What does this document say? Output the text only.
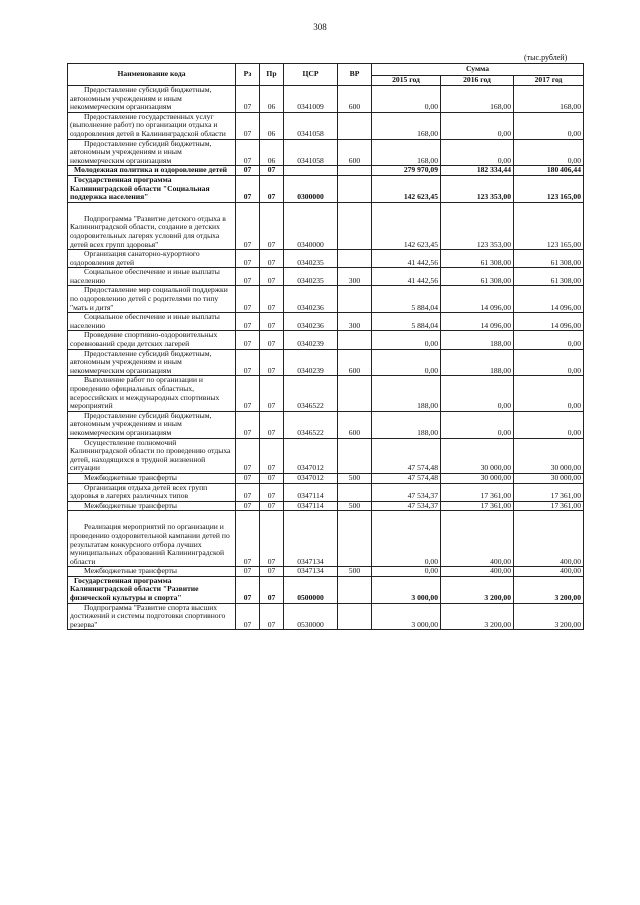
308
(тыс.рублей)
Наименование кода	Рз	Пр	ЦСР	ВР	Сумма		
					2015 год	2016 год	2017 год
Предоставление субсидий бюджетным, автономным учреждениям и иным некоммерческим организациям	07	06	0341009	600	0,00	168,00	168,00
Предоставление государственных услуг (выполнение работ) по организации отдыха и оздоровления детей в Калининградской области	07	06	0341058		168,00	0,00	0,00
Предоставление субсидий бюджетным, автономным учреждениям и иным некоммерческим организациям	07	06	0341058	600	168,00	0,00	0,00
Молодежная политика и оздоровление детей	07	07			279 970,09	182 334,44	180 406,44
Государственная программа Калининградской области "Социальная поддержка населения"	07	07	0300000		142 623,45	123 353,00	123 165,00
Подпрограмма "Развитие детского отдыха в Калининградской области, создание в детских оздоровительных лагерях условий для отдыха детей всех групп здоровья"	07	07	0340000		142 623,45	123 353,00	123 165,00
Организация санаторно-курортного оздоровления детей	07	07	0340235		41 442,56	61 308,00	61 308,00
Социальное обеспечение и иные выплаты населению	07	07	0340235	300	41 442,56	61 308,00	61 308,00
Предоставление мер социальной поддержки по оздоровлению детей с родителями по типу "мать и дитя"	07	07	0340236		5 884,04	14 096,00	14 096,00
Социальное обеспечение и иные выплаты населению	07	07	0340236	300	5 884,04	14 096,00	14 096,00
Проведение спортивно-оздоровительных соревнований среди детских лагерей	07	07	0340239		0,00	188,00	0,00
Предоставление субсидий бюджетным, автономным учреждениям и иным некоммерческим организациям	07	07	0340239	600	0,00	188,00	0,00
Выполнение работ по организации и проведению официальных областных, всероссийских и международных спортивных мероприятий	07	07	0346522		188,00	0,00	0,00
Предоставление субсидий бюджетным, автономным учреждениям и иным некоммерческим организациям	07	07	0346522	600	188,00	0,00	0,00
Осуществление полномочий Калининградской области по проведению отдыха детей, находящихся в трудной жизненной ситуации	07	07	0347012		47 574,48	30 000,00	30 000,00
Межбюджетные трансферты	07	07	0347012	500	47 574,48	30 000,00	30 000,00
Организация отдыха детей всех групп здоровья в лагерях различных типов	07	07	0347114		47 534,37	17 361,00	17 361,00
Межбюджетные трансферты	07	07	0347114	500	47 534,37	17 361,00	17 361,00
Реализация мероприятий по организации и проведению оздоровительной кампании детей по результатам конкурсного отбора лучших муниципальных образований Калининградской области	07	07	0347134		0,00	400,00	400,00
Межбюджетные трансферты	07	07	0347134	500	0,00	400,00	400,00
Государственная программа Калининградской области "Развитие физической культуры и спорта"	07	07	0500000		3 000,00	3 200,00	3 200,00
Подпрограмма "Развитие спорта высших достижений и системы подготовки спортивного резерва"	07	07	0530000		3 000,00	3 200,00	3 200,00
